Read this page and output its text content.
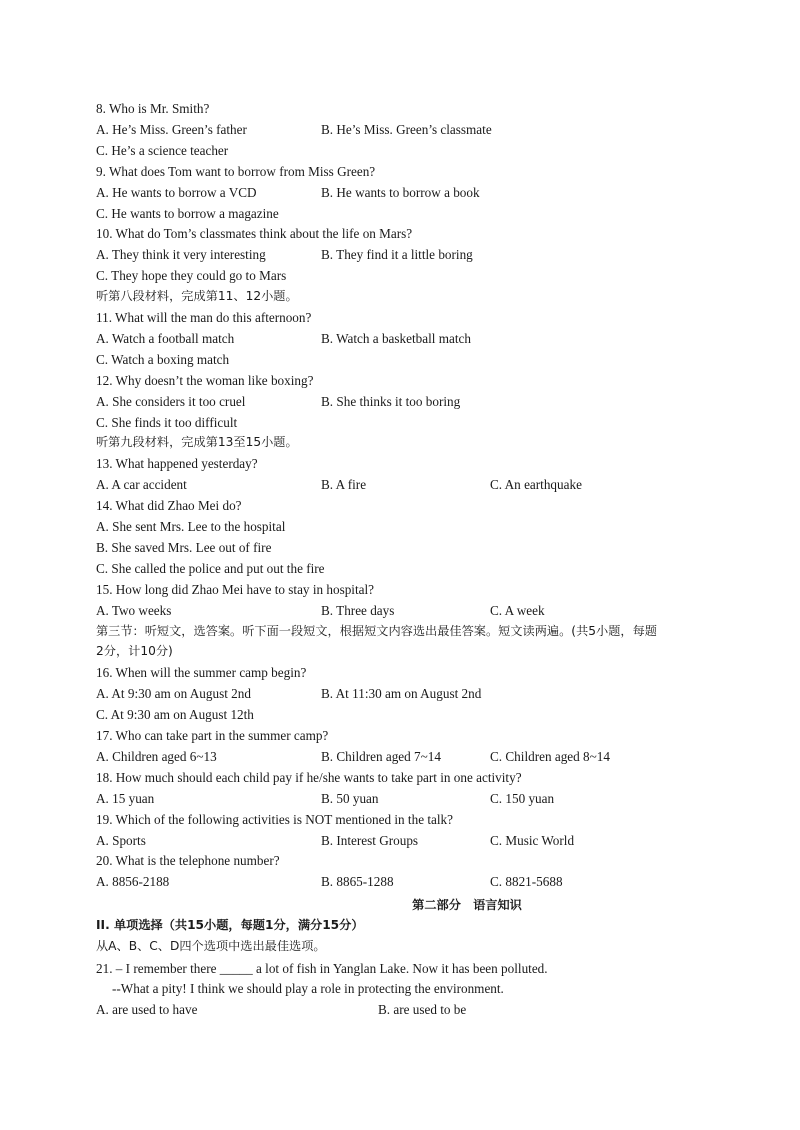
8. Who is Mr. Smith?
A. He’s Miss. Green’s father	B. He’s Miss. Green’s classmate
C. He’s a science teacher
9. What does Tom want to borrow from Miss Green?
A. He wants to borrow a VCD	B. He wants to borrow a book
C. He wants to borrow a magazine
10. What do Tom’s classmates think about the life on Mars?
A. They think it very interesting	B. They find it a little boring
C. They hope they could go to Mars
听第八段材料，完成第11、12小题。
11. What will the man do this afternoon?
A. Watch a football match	B. Watch a basketball match
C. Watch a boxing match
12. Why doesn’t the woman like boxing?
A. She considers it too cruel	B. She thinks it too boring
C. She finds it too difficult
听第九段材料，完成第13至15小题。
13. What happened yesterday?
A. A car accident	B. A fire	C. An earthquake
14. What did Zhao Mei do?
A. She sent Mrs. Lee to the hospital
B. She saved Mrs. Lee out of fire
C. She called the police and put out the fire
15. How long did Zhao Mei have to stay in hospital?
A. Two weeks	B. Three days	C. A week
第三节：听短文，选答案。听下面一段短文，根据短文内容选出最佳答案。短文读两遍。(共5小题，每题
2分，计10分)
16. When will the summer camp begin?
A. At 9:30 am on August 2nd	B. At 11:30 am on August 2nd
C. At 9:30 am on August 12th
17. Who can take part in the summer camp?
A. Children aged 6~13	B. Children aged 7~14	C. Children aged 8~14
18. How much should each child pay if he/she wants to take part in one activity?
A. 15 yuan	B. 50 yuan	C. 150 yuan
19. Which of the following activities is NOT mentioned in the talk?
A. Sports	B. Interest Groups	C. Music World
20. What is the telephone number?
A. 8856-2188	B. 8865-1288	C. 8821-5688
第二部分　语言知识
II. 单项选择（共15小题，每题1分，满分15分）
从A、B、C、D四个选项中选出最佳选项。
21. – I remember there _____ a lot of fish in Yanglan Lake. Now it has been polluted.
--What a pity! I think we should play a role in protecting the environment.
A. are used to have	B. are used to be
